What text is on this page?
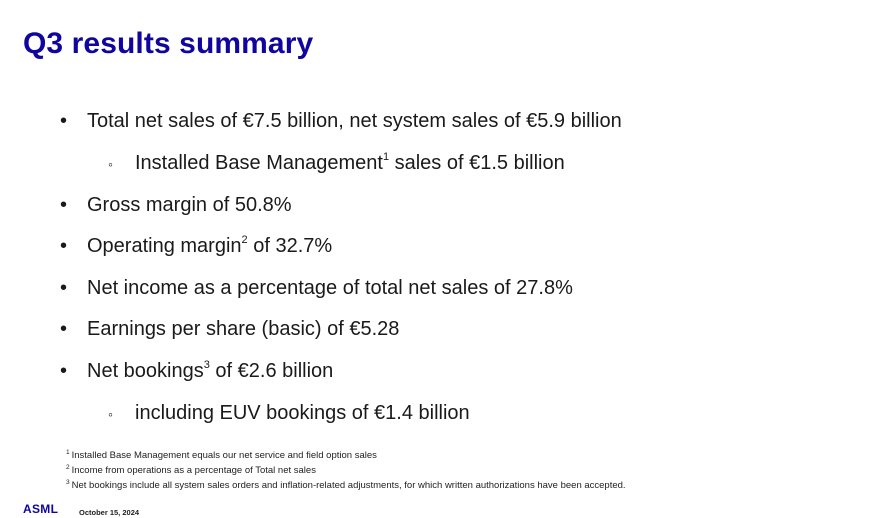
Q3 results summary
• Total net sales of €7.5 billion, net system sales of €5.9 billion
◦ Installed Base Management$^1$ sales of €1.5 billion
• Gross margin of 50.8%
• Operating margin$^2$ of 32.7%
• Net income as a percentage of total net sales of 27.8%
• Earnings per share (basic) of €5.28
• Net bookings$^3$ of €2.6 billion
◦ including EUV bookings of €1.4 billion
$^1$ Installed Base Management equals our net service and field option sales
$^2$ Income from operations as a percentage of Total net sales
$^3$ Net bookings include all system sales orders and inflation-related adjustments, for which written authorizations have been accepted.
ASML	October 15, 2024
